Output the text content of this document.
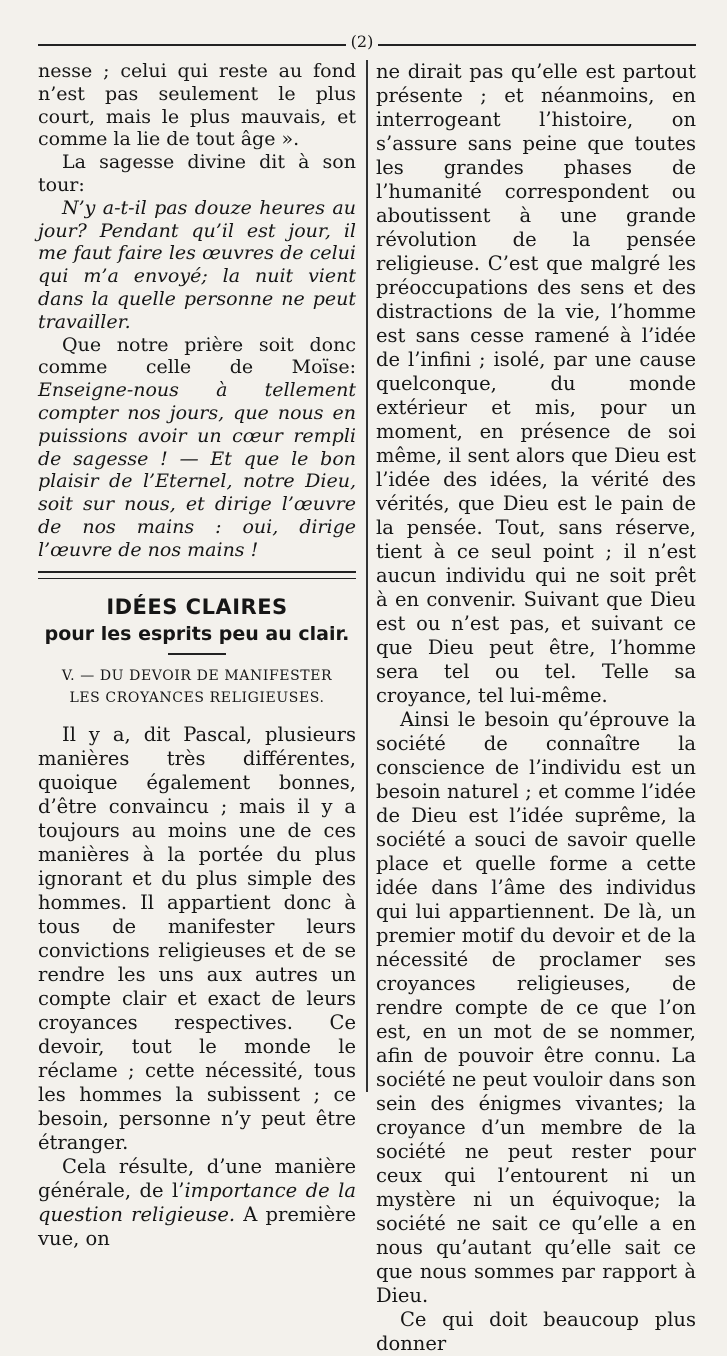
(2)

nesse ; celui qui reste au fond n’est pas seulement le plus court, mais le plus mauvais, et comme la lie de tout âge ».

La sagesse divine dit à son tour:

N’y a-t-il pas douze heures au jour? Pendant qu’il est jour, il me faut faire les œuvres de celui qui m’a envoyé; la nuit vient dans la quelle personne ne peut travailler.

Que notre prière soit donc comme celle de Moïse: Enseigne-nous à tellement compter nos jours, que nous en puissions avoir un cœur rempli de sagesse ! — Et que le bon plaisir de l’Eternel, notre Dieu, soit sur nous, et dirige l’œuvre de nos mains : oui, dirige l’œuvre de nos mains !

IDÉES CLAIRES

pour les esprits peu au clair.

V. — DU DEVOIR DE MANIFESTER
LES CROYANCES RELIGIEUSES.

Il y a, dit Pascal, plusieurs manières très différentes, quoique également bonnes, d’être convaincu ; mais il y a toujours au moins une de ces manières à la portée du plus ignorant et du plus simple des hommes. Il appartient donc à tous de manifester leurs convictions religieuses et de se rendre les uns aux autres un compte clair et exact de leurs croyances respectives. Ce devoir, tout le monde le réclame ; cette nécessité, tous les hommes la subissent ; ce besoin, personne n’y peut être étranger.

Cela résulte, d’une manière générale, de l’importance de la question religieuse. A première vue, on

ne dirait pas qu’elle est partout présente ; et néanmoins, en interrogeant l’histoire, on s’assure sans peine que toutes les grandes phases de l’humanité correspondent ou aboutissent à une grande révolution de la pensée religieuse. C’est que malgré les préoccupations des sens et des distractions de la vie, l’homme est sans cesse ramené à l’idée de l’infini ; isolé, par une cause quelconque, du monde extérieur et mis, pour un moment, en présence de soi même, il sent alors que Dieu est l’idée des idées, la vérité des vérités, que Dieu est le pain de la pensée. Tout, sans réserve, tient à ce seul point ; il n’est aucun individu qui ne soit prêt à en convenir. Suivant que Dieu est ou n’est pas, et suivant ce que Dieu peut être, l’homme sera tel ou tel. Telle sa croyance, tel lui-même.

Ainsi le besoin qu’éprouve la société de connaître la conscience de l’individu est un besoin naturel ; et comme l’idée de Dieu est l’idée suprême, la société a souci de savoir quelle place et quelle forme a cette idée dans l’âme des individus qui lui appartiennent. De là, un premier motif du devoir et de la nécessité de proclamer ses croyances religieuses, de rendre compte de ce que l’on est, en un mot de se nommer, afin de pouvoir être connu. La société ne peut vouloir dans son sein des énigmes vivantes; la croyance d’un membre de la société ne peut rester pour ceux qui l’entourent ni un mystère ni un équivoque; la société ne sait ce qu’elle a en nous qu’autant qu’elle sait ce que nous sommes par rapport à Dieu.

Ce qui doit beaucoup plus donner
